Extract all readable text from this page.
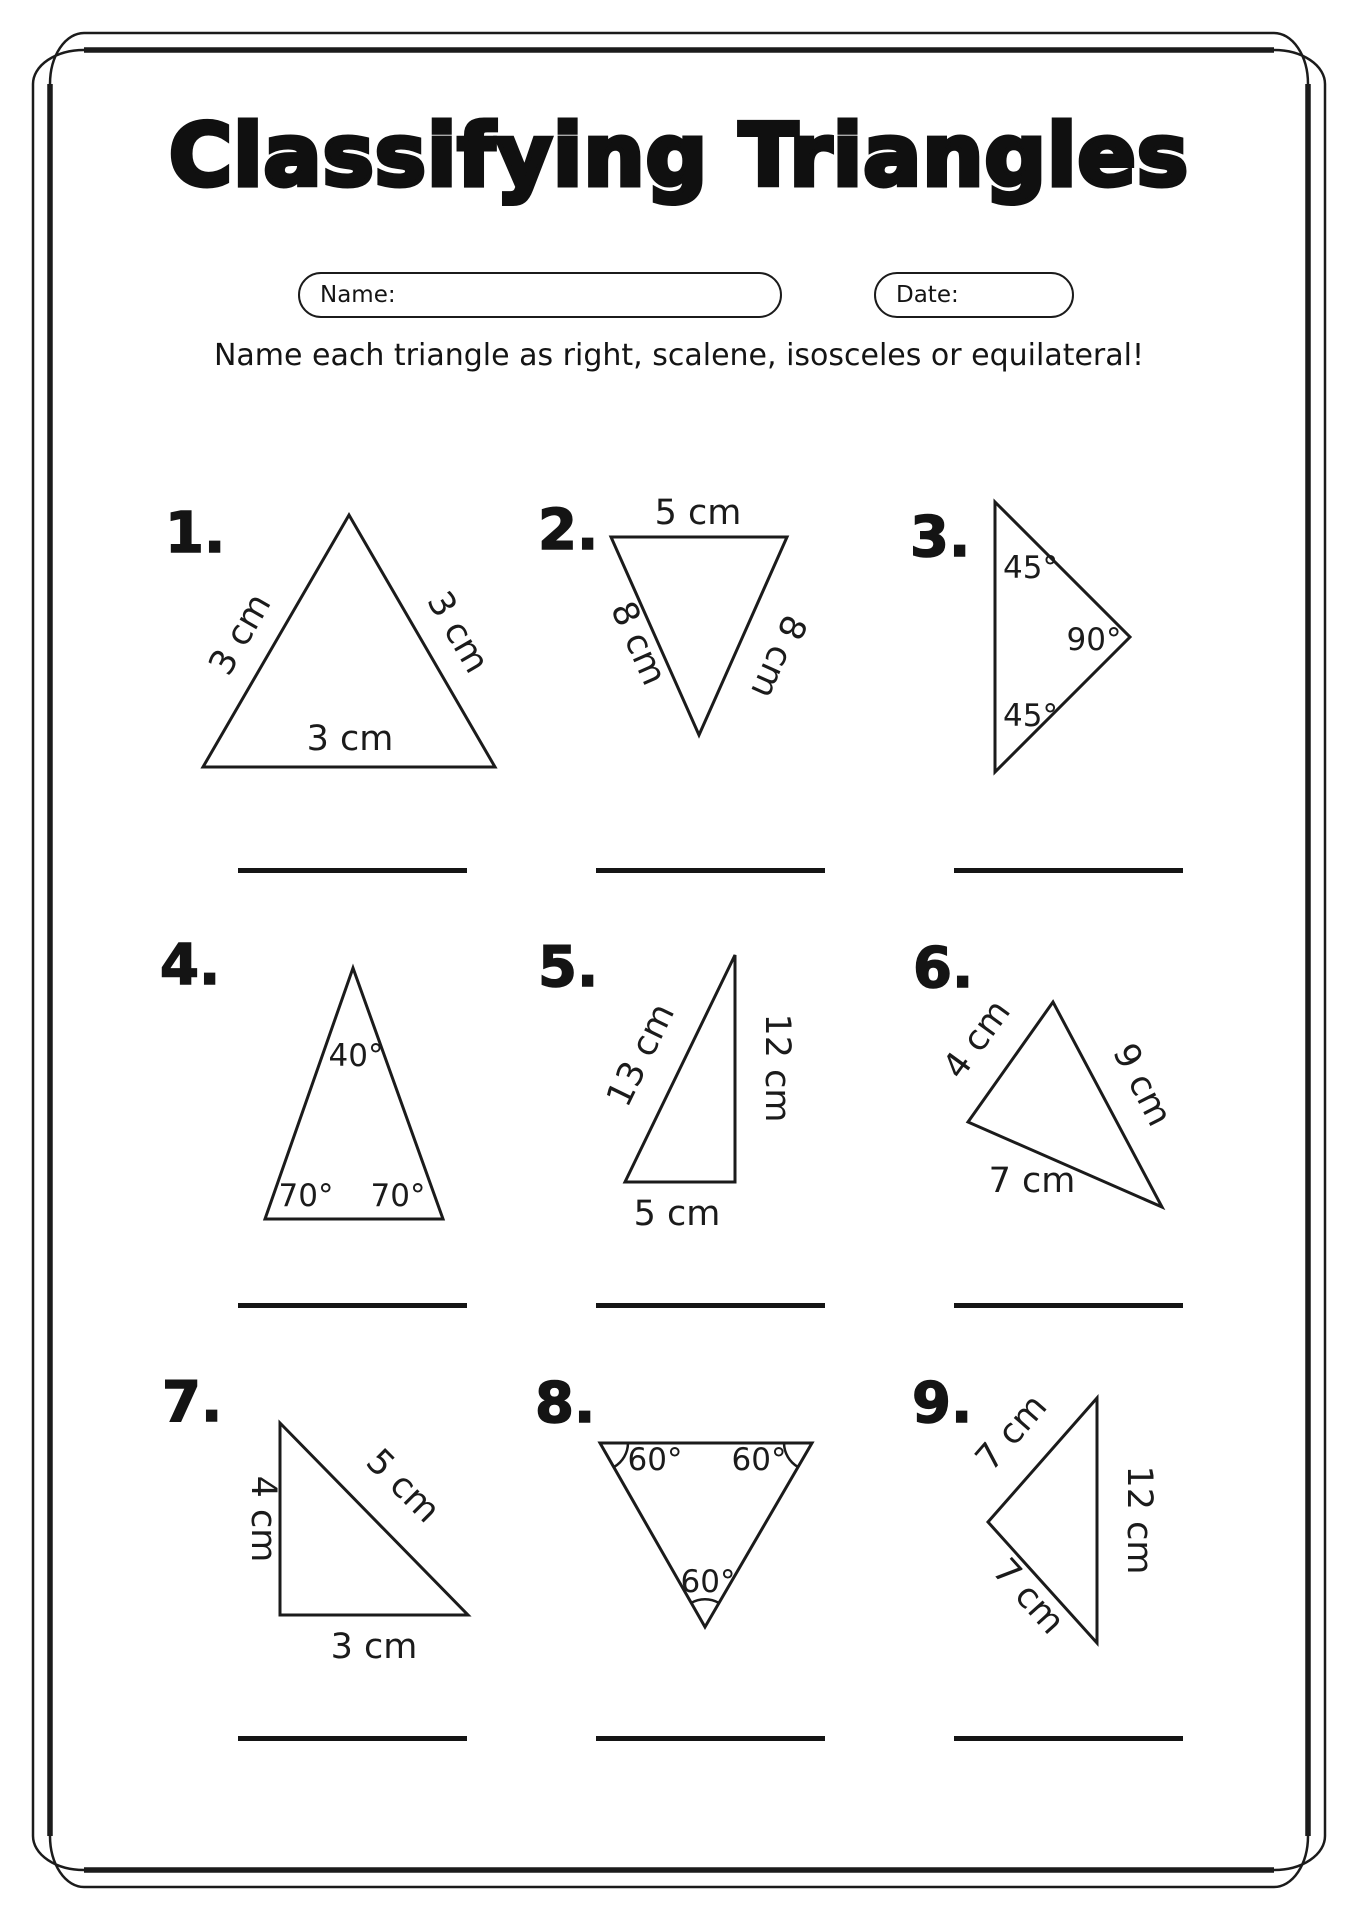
3 cm	3 cm
3 cm
5 cm
8 cm 8 cm
45°
90°
45°
40°
70° 70°
13 cm 12 cm
5 cm
4 cm 9 cm
7 cm
4 cm 5 cm
3 cm
60° 60°
60°
7 cm
12 cm
7 cm
Classifying Triangles
Name:	Date:
Name each triangle as right, scalene, isosceles or equilateral!
1.	2.	3.
4.	5.	6.
7.	8.	9.
